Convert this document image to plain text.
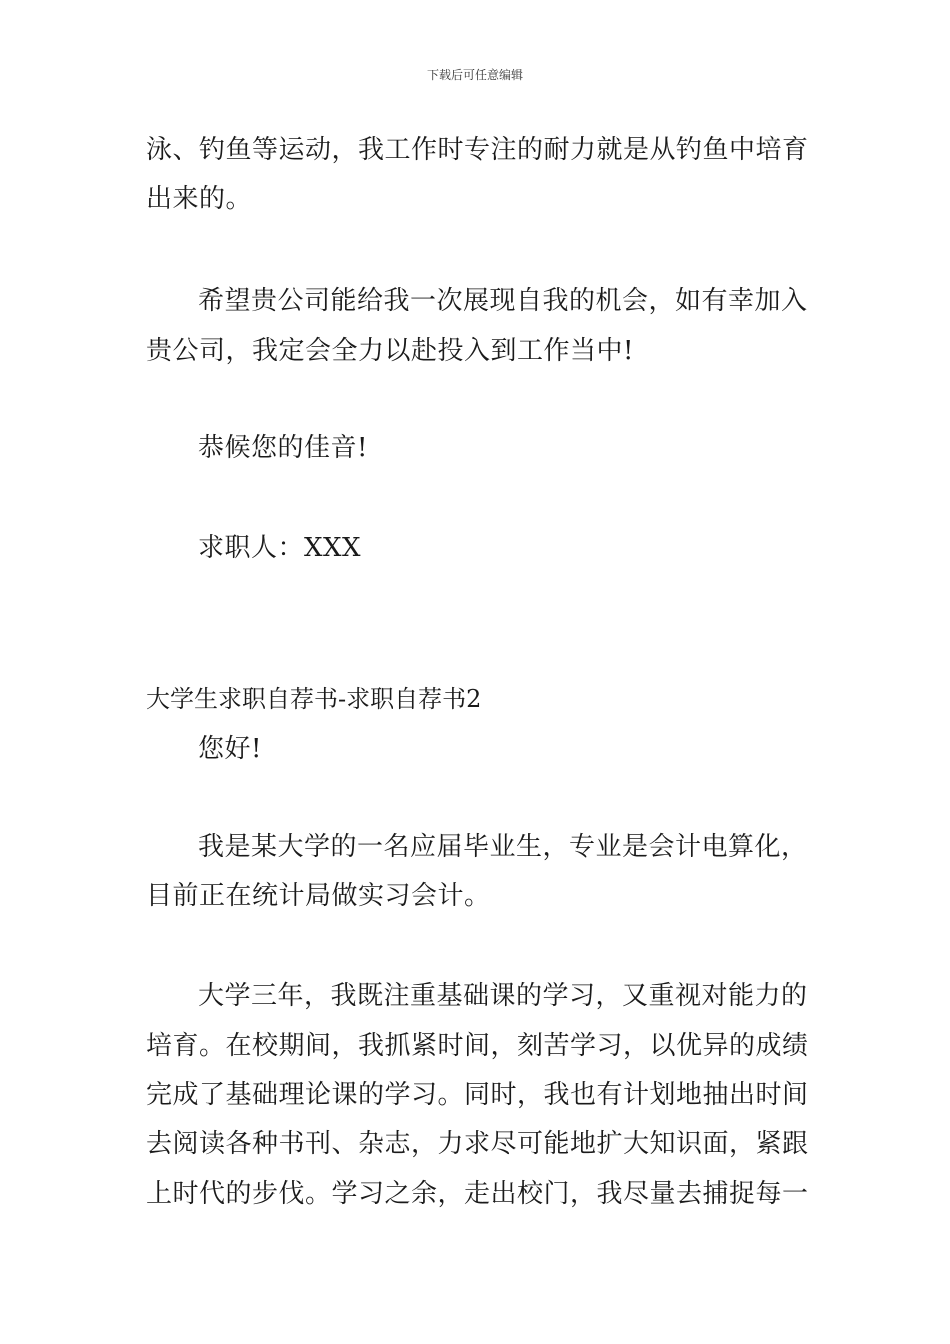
下载后可任意编辑
泳、钓鱼等运动，我工作时专注的耐力就是从钓鱼中培育
出来的。
希望贵公司能给我一次展现自我的机会，如有幸加入
贵公司，我定会全力以赴投入到工作当中!
恭候您的佳音!
求职人：XXX
大学生求职自荐书-求职自荐书2
您好!
我是某大学的一名应届毕业生，专业是会计电算化，
目前正在统计局做实习会计。
大学三年，我既注重基础课的学习，又重视对能力的
培育。在校期间，我抓紧时间，刻苦学习，以优异的成绩
完成了基础理论课的学习。同时，我也有计划地抽出时间
去阅读各种书刊、杂志，力求尽可能地扩大知识面，紧跟
上时代的步伐。学习之余，走出校门，我尽量去捕捉每一
